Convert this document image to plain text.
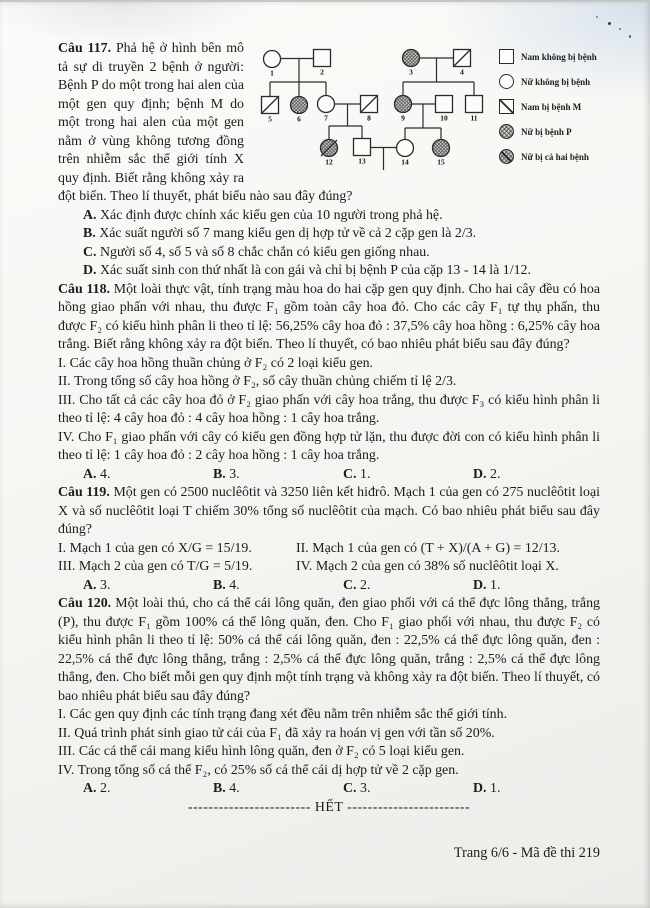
1	2	3	4
5	6	7	8	9	10	11
12	13	14	15
Nam không bị bệnh
Nữ không bị bệnh
Nam bị bệnh M
Nữ bị bệnh P
Nữ bị cả hai bệnh

Câu 117. Phả hệ ở hình bên mô tả sự di truyền 2 bệnh ở người: Bệnh P do một trong hai alen của một gen quy định; bệnh M do một trong hai alen của một gen nằm ở vùng không tương đồng trên nhiễm sắc thể giới tính X quy định. Biết rằng không xảy ra đột biến. Theo lí thuyết, phát biểu nào sau đây đúng?

A. Xác định được chính xác kiểu gen của 10 người trong phả hệ.
B. Xác suất người số 7 mang kiểu gen dị hợp tử về cả 2 cặp gen là 2/3.
C. Người số 4, số 5 và số 8 chắc chắn có kiểu gen giống nhau.
D. Xác suất sinh con thứ nhất là con gái và chỉ bị bệnh P của cặp 13 - 14 là 1/12.

Câu 118. Một loài thực vật, tính trạng màu hoa do hai cặp gen quy định. Cho hai cây đều có hoa hồng giao phấn với nhau, thu được F₁ gồm toàn cây hoa đỏ. Cho các cây F₁ tự thụ phấn, thu được F₂ có kiểu hình phân li theo tỉ lệ: 56,25% cây hoa đỏ : 37,5% cây hoa hồng : 6,25% cây hoa trắng. Biết rằng không xảy ra đột biến. Theo lí thuyết, có bao nhiêu phát biểu sau đây đúng?

I. Các cây hoa hồng thuần chủng ở F₂ có 2 loại kiểu gen.
II. Trong tổng số cây hoa hồng ở F₂, số cây thuần chủng chiếm tỉ lệ 2/3.
III. Cho tất cả các cây hoa đỏ ở F₂ giao phấn với cây hoa trắng, thu được F₃ có kiểu hình phân li theo tỉ lệ: 4 cây hoa đỏ : 4 cây hoa hồng : 1 cây hoa trắng.
IV. Cho F₁ giao phấn với cây có kiểu gen đồng hợp tử lặn, thu được đời con có kiểu hình phân li theo tỉ lệ: 1 cây hoa đỏ : 2 cây hoa hồng : 1 cây hoa trắng.
A. 4.	B. 3.	C. 1.	D. 2.

Câu 119. Một gen có 2500 nuclêôtit và 3250 liên kết hiđrô. Mạch 1 của gen có 275 nuclêôtit loại X và số nuclêôtit loại T chiếm 30% tổng số nuclêôtit của mạch. Có bao nhiêu phát biểu sau đây đúng?

I. Mạch 1 của gen có X/G = 15/19.	II. Mạch 1 của gen có (T + X)/(A + G) = 12/13.
III. Mạch 2 của gen có T/G = 5/19.	IV. Mạch 2 của gen có 38% số nuclêôtit loại X.
A. 3.	B. 4.	C. 2.	D. 1.

Câu 120. Một loài thú, cho cá thể cái lông quăn, đen giao phối với cá thể đực lông thẳng, trắng (P), thu được F₁ gồm 100% cá thể lông quăn, đen. Cho F₁ giao phối với nhau, thu được F₂ có kiểu hình phân li theo tỉ lệ: 50% cá thể cái lông quăn, đen : 22,5% cá thể đực lông quăn, đen : 22,5% cá thể đực lông thẳng, trắng : 2,5% cá thể đực lông quăn, trắng : 2,5% cá thể đực lông thẳng, đen. Cho biết mỗi gen quy định một tính trạng và không xảy ra đột biến. Theo lí thuyết, có bao nhiêu phát biểu sau đây đúng?

I. Các gen quy định các tính trạng đang xét đều nằm trên nhiễm sắc thể giới tính.
II. Quá trình phát sinh giao tử cái của F₁ đã xảy ra hoán vị gen với tần số 20%.
III. Các cá thể cái mang kiểu hình lông quăn, đen ở F₂ có 5 loại kiểu gen.
IV. Trong tổng số cá thể F₂, có 25% số cá thể cái dị hợp tử về 2 cặp gen.
A. 2.	B. 4.	C. 3.	D. 1.

------------------------ HẾT ------------------------

Trang 6/6 - Mã đề thi 219
